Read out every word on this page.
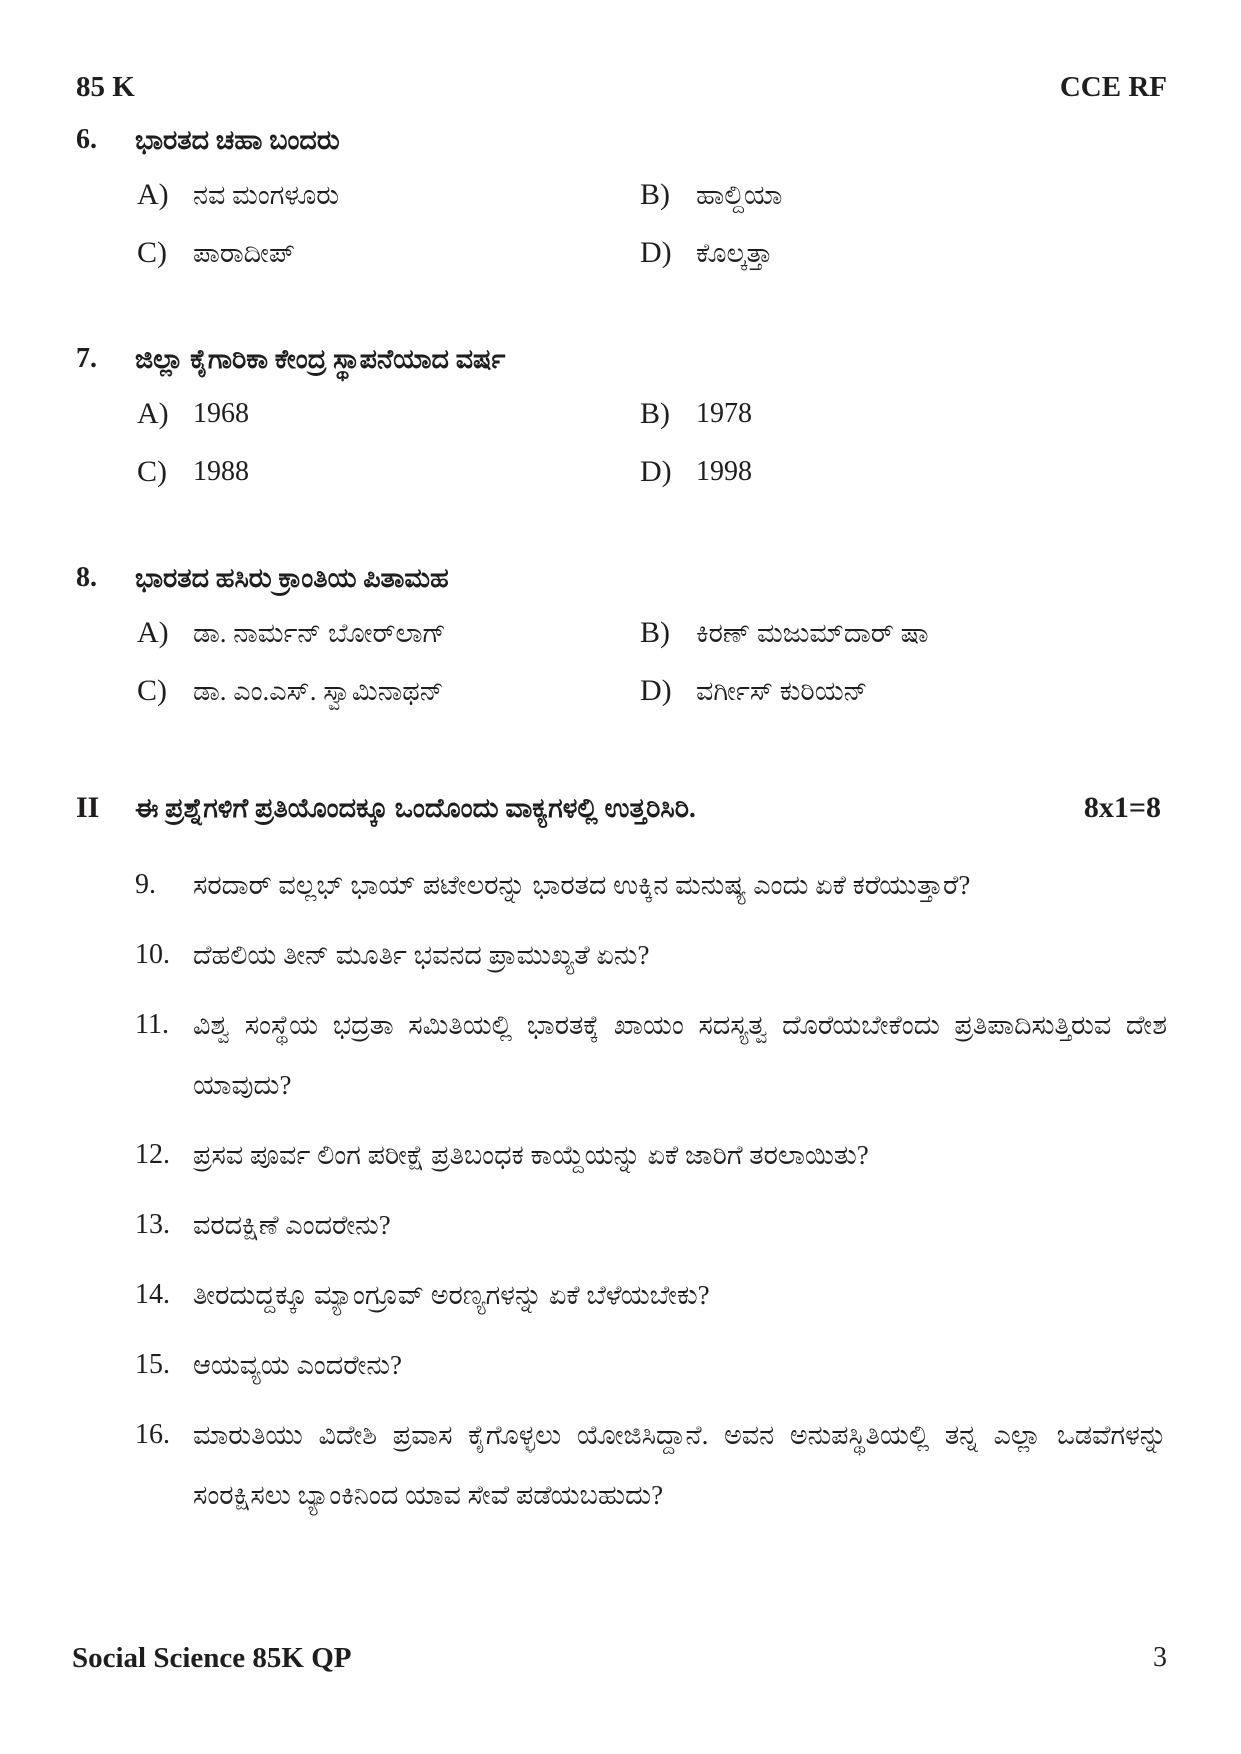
85 K	CCE RF
6.	ಭಾರತದ ಚಹಾ ಬಂದರು
A) ನವ ಮಂಗಳೂರು	B) ಹಾಲ್ದಿಯಾ
C) ಪಾರಾದೀಪ್	D) ಕೊಲ್ಕತ್ತಾ
7.	ಜಿಲ್ಲಾ ಕೈಗಾರಿಕಾ ಕೇಂದ್ರ ಸ್ಥಾಪನೆಯಾದ ವರ್ಷ
A) 1968	B) 1978
C) 1988	D) 1998
8.	ಭಾರತದ ಹಸಿರು ಕ್ರಾಂತಿಯ ಪಿತಾಮಹ
A) ಡಾ. ನಾರ್ಮನ್ ಬೋರ್‌ಲಾಗ್	B) ಕಿರಣ್ ಮಜುಮ್‌ದಾರ್ ಷಾ
C) ಡಾ. ಎಂ.ಎಸ್. ಸ್ವಾಮಿನಾಥನ್	D) ವರ್ಗೀಸ್ ಕುರಿಯನ್
II	ಈ ಪ್ರಶ್ನೆಗಳಿಗೆ ಪ್ರತಿಯೊಂದಕ್ಕೂ ಒಂದೊಂದು ವಾಕ್ಯಗಳಲ್ಲಿ ಉತ್ತರಿಸಿರಿ.	8x1=8
9.	ಸರದಾರ್ ವಲ್ಲಭ್ ಭಾಯ್ ಪಟೇಲರನ್ನು ಭಾರತದ ಉಕ್ಕಿನ ಮನುಷ್ಯ ಎಂದು ಏಕೆ ಕರೆಯುತ್ತಾರೆ?
10. ದೆಹಲಿಯ ತೀನ್ ಮೂರ್ತಿ ಭವನದ ಪ್ರಾಮುಖ್ಯತೆ ಏನು?
11. ವಿಶ್ವ ಸಂಸ್ಥೆಯ ಭದ್ರತಾ ಸಮಿತಿಯಲ್ಲಿ ಭಾರತಕ್ಕೆ ಖಾಯಂ ಸದಸ್ಯತ್ವ ದೊರೆಯಬೇಕೆಂದು ಪ್ರತಿಪಾದಿಸುತ್ತಿರುವ ದೇಶ ಯಾವುದು?
12. ಪ್ರಸವ ಪೂರ್ವ ಲಿಂಗ ಪರೀಕ್ಷೆ ಪ್ರತಿಬಂಧಕ ಕಾಯ್ದೆಯನ್ನು ಏಕೆ ಜಾರಿಗೆ ತರಲಾಯಿತು?
13. ವರದಕ್ಷಿಣೆ ಎಂದರೇನು?
14. ತೀರದುದ್ದಕ್ಕೂ ಮ್ಯಾಂಗ್ರೂವ್ ಅರಣ್ಯಗಳನ್ನು ಏಕೆ ಬೆಳೆಯಬೇಕು?
15. ಆಯವ್ಯಯ ಎಂದರೇನು?
16. ಮಾರುತಿಯು ವಿದೇಶಿ ಪ್ರವಾಸ ಕೈಗೊಳ್ಳಲು ಯೋಜಿಸಿದ್ದಾನೆ. ಅವನ ಅನುಪಸ್ಥಿತಿಯಲ್ಲಿ ತನ್ನ ಎಲ್ಲಾ ಒಡವೆಗಳನ್ನು ಸಂರಕ್ಷಿಸಲು ಬ್ಯಾಂಕಿನಿಂದ ಯಾವ ಸೇವೆ ಪಡೆಯಬಹುದು?
Social Science 85K QP	3
